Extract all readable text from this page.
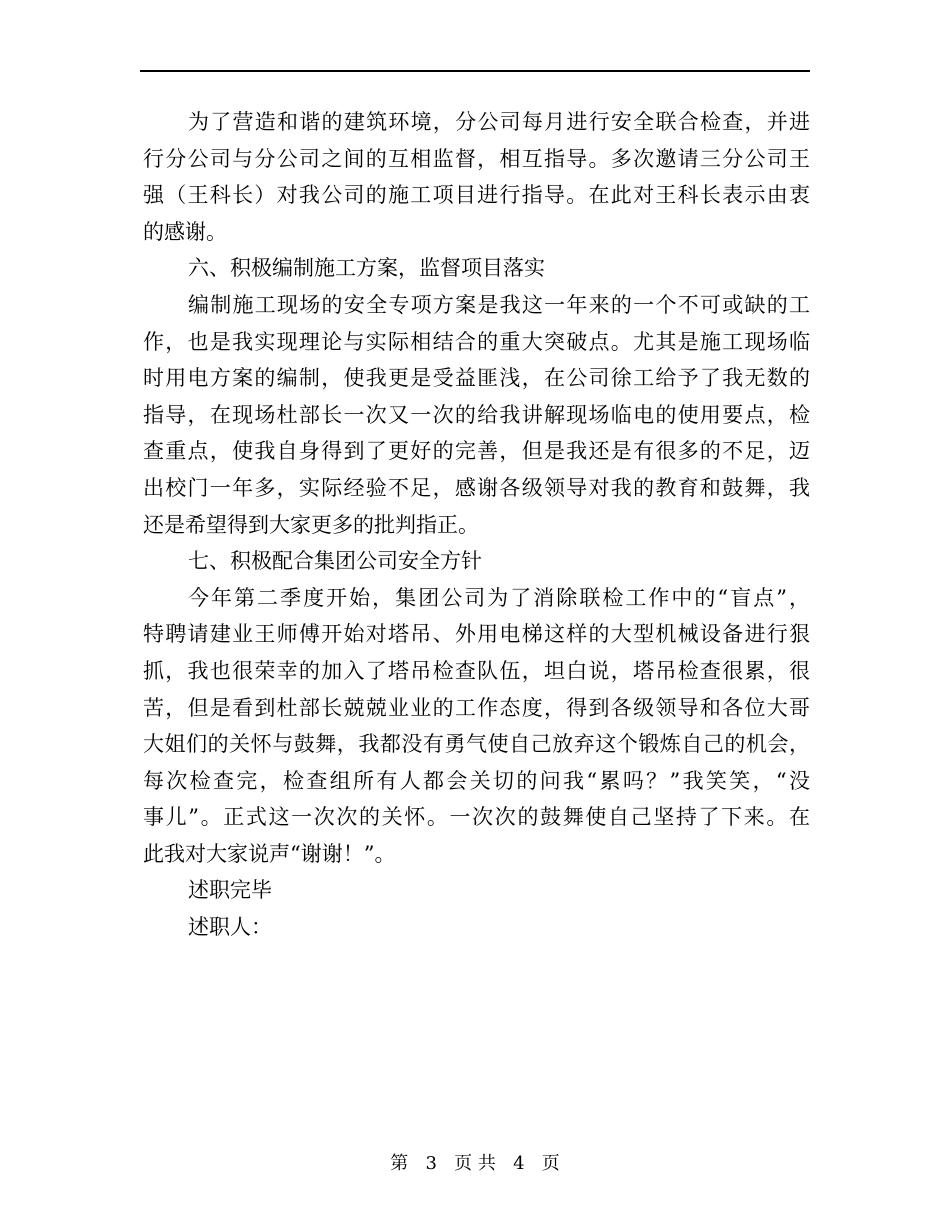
为了营造和谐的建筑环境，分公司每月进行安全联合检查，并进
行分公司与分公司之间的互相监督，相互指导。多次邀请三分公司王
强（王科长）对我公司的施工项目进行指导。在此对王科长表示由衷
的感谢。
六、积极编制施工方案，监督项目落实
编制施工现场的安全专项方案是我这一年来的一个不可或缺的工
作，也是我实现理论与实际相结合的重大突破点。尤其是施工现场临
时用电方案的编制，使我更是受益匪浅，在公司徐工给予了我无数的
指导，在现场杜部长一次又一次的给我讲解现场临电的使用要点，检
查重点，使我自身得到了更好的完善，但是我还是有很多的不足，迈
出校门一年多，实际经验不足，感谢各级领导对我的教育和鼓舞，我
还是希望得到大家更多的批判指正。
七、积极配合集团公司安全方针
今年第二季度开始，集团公司为了消除联检工作中的“盲点”，
特聘请建业王师傅开始对塔吊、外用电梯这样的大型机械设备进行狠
抓，我也很荣幸的加入了塔吊检查队伍，坦白说，塔吊检查很累，很
苦，但是看到杜部长兢兢业业的工作态度，得到各级领导和各位大哥
大姐们的关怀与鼓舞，我都没有勇气使自己放弃这个锻炼自己的机会，
每次检查完，检查组所有人都会关切的问我“累吗？”我笑笑，“没
事儿”。正式这一次次的关怀。一次次的鼓舞使自己坚持了下来。在
此我对大家说声“谢谢！”。
述职完毕
述职人：
第 3 页 共 4 页
